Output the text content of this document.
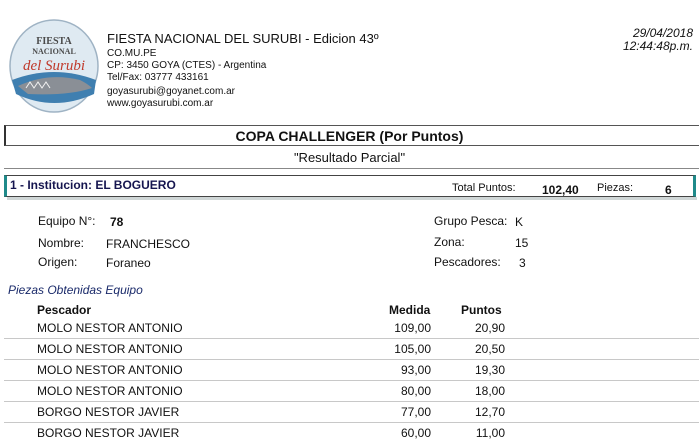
FIESTA
NACIONAL
del Surubi
FIESTA NACIONAL DEL SURUBI - Edicion 43º
CO.MU.PE
CP: 3450 GOYA (CTES) - Argentina
Tel/Fax: 03777 433161
goyasurubi@goyanet.com.ar
www.goyasurubi.com.ar
29/04/2018
12:44:48p.m.
COPA CHALLENGER (Por Puntos)
"Resultado Parcial"
1 - Institucion: EL BOGUERO	Total Puntos: 102,40 Piezas:	6
Equipo N°: 78
Nombre: FRANCHESCO
Origen: Foraneo
Grupo Pesca: K
Zona:	15
Pescadores: 3
Piezas Obtenidas Equipo
Pescador	Medida	Puntos
MOLO NESTOR ANTONIO	109,00	20,90
MOLO NESTOR ANTONIO	105,00	20,50
MOLO NESTOR ANTONIO	93,00	19,30
MOLO NESTOR ANTONIO	80,00	18,00
BORGO NESTOR JAVIER	77,00	12,70
BORGO NESTOR JAVIER	60,00	11,00
